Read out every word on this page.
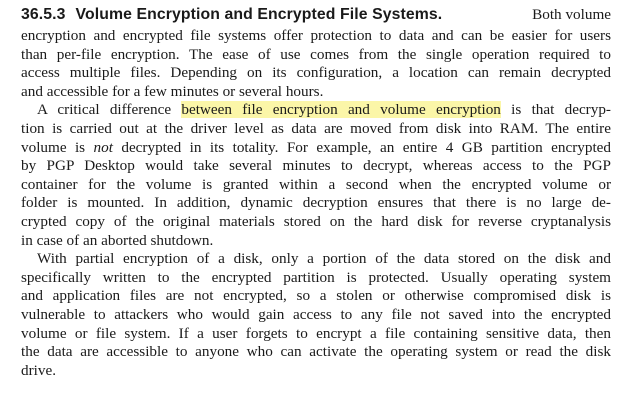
36.5.3 Volume Encryption and Encrypted File Systems.	Both volume
encryption and encrypted file systems offer protection to data and can be easier for users
than per-file encryption. The ease of use comes from the single operation required to
access multiple files. Depending on its configuration, a location can remain decrypted
and accessible for a few minutes or several hours.
A critical difference between file encryption and volume encryption is that decryp-
tion is carried out at the driver level as data are moved from disk into RAM. The entire
volume is not decrypted in its totality. For example, an entire 4 GB partition encrypted
by PGP Desktop would take several minutes to decrypt, whereas access to the PGP
container for the volume is granted within a second when the encrypted volume or
folder is mounted. In addition, dynamic decryption ensures that there is no large de-
crypted copy of the original materials stored on the hard disk for reverse cryptanalysis
in case of an aborted shutdown.
With partial encryption of a disk, only a portion of the data stored on the disk and
specifically written to the encrypted partition is protected. Usually operating system
and application files are not encrypted, so a stolen or otherwise compromised disk is
vulnerable to attackers who would gain access to any file not saved into the encrypted
volume or file system. If a user forgets to encrypt a file containing sensitive data, then
the data are accessible to anyone who can activate the operating system or read the disk
drive.
